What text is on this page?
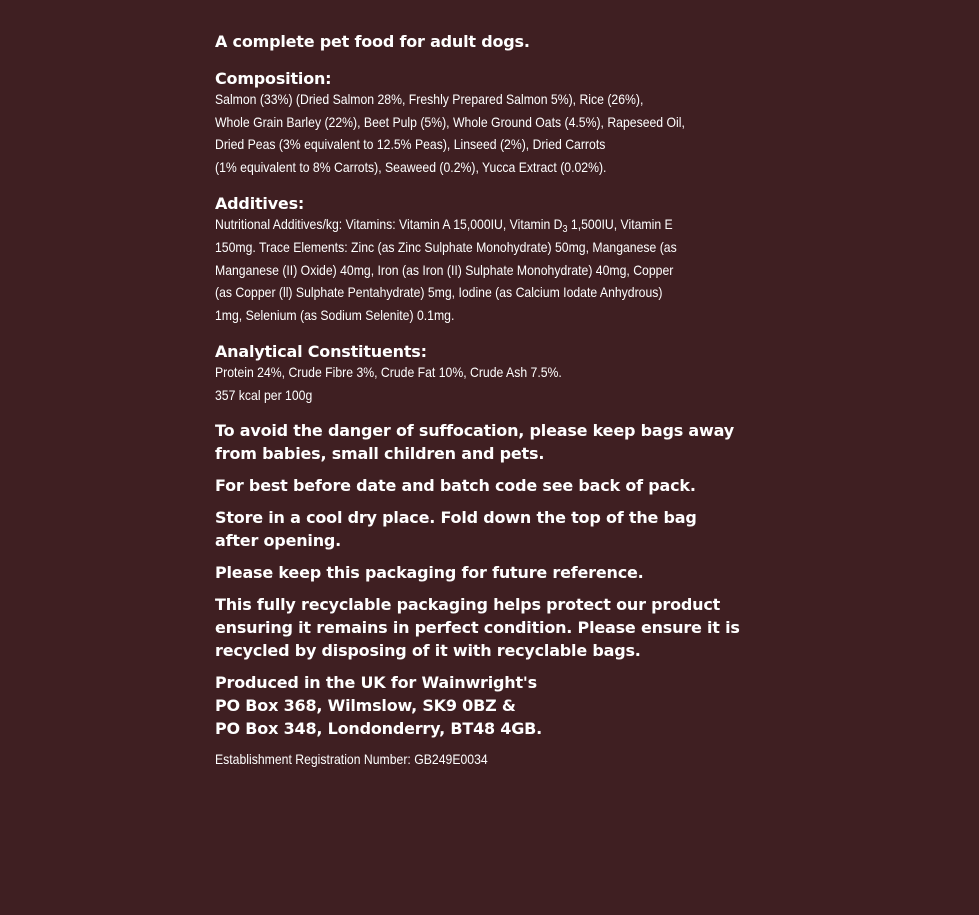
A complete pet food for adult dogs.

Composition:

Salmon (33%) (Dried Salmon 28%, Freshly Prepared Salmon 5%), Rice (26%),
Whole Grain Barley (22%), Beet Pulp (5%), Whole Ground Oats (4.5%), Rapeseed Oil,
Dried Peas (3% equivalent to 12.5% Peas), Linseed (2%), Dried Carrots
(1% equivalent to 8% Carrots), Seaweed (0.2%), Yucca Extract (0.02%).

Additives:

Nutritional Additives/kg: Vitamins: Vitamin A 15,000IU, Vitamin $D_3$ 1,500IU, Vitamin E
150mg. Trace Elements: Zinc (as Zinc Sulphate Monohydrate) 50mg, Manganese (as
Manganese (II) Oxide) 40mg, Iron (as Iron (II) Sulphate Monohydrate) 40mg, Copper
(as Copper (ll) Sulphate Pentahydrate) 5mg, Iodine (as Calcium Iodate Anhydrous)
1mg, Selenium (as Sodium Selenite) 0.1mg.

Analytical Constituents:

Protein 24%, Crude Fibre 3%, Crude Fat 10%, Crude Ash 7.5%.
357 kcal per 100g

To avoid the danger of suffocation, please keep bags away

from babies, small children and pets.

For best before date and batch code see back of pack.

Store in a cool dry place. Fold down the top of the bag

after opening.

Please keep this packaging for future reference.

This fully recyclable packaging helps protect our product

ensuring it remains in perfect condition. Please ensure it is

recycled by disposing of it with recyclable bags.

Produced in the UK for Wainwright's

PO Box 368, Wilmslow, SK9 0BZ &

PO Box 348, Londonderry, BT48 4GB.

Establishment Registration Number: GB249E0034
